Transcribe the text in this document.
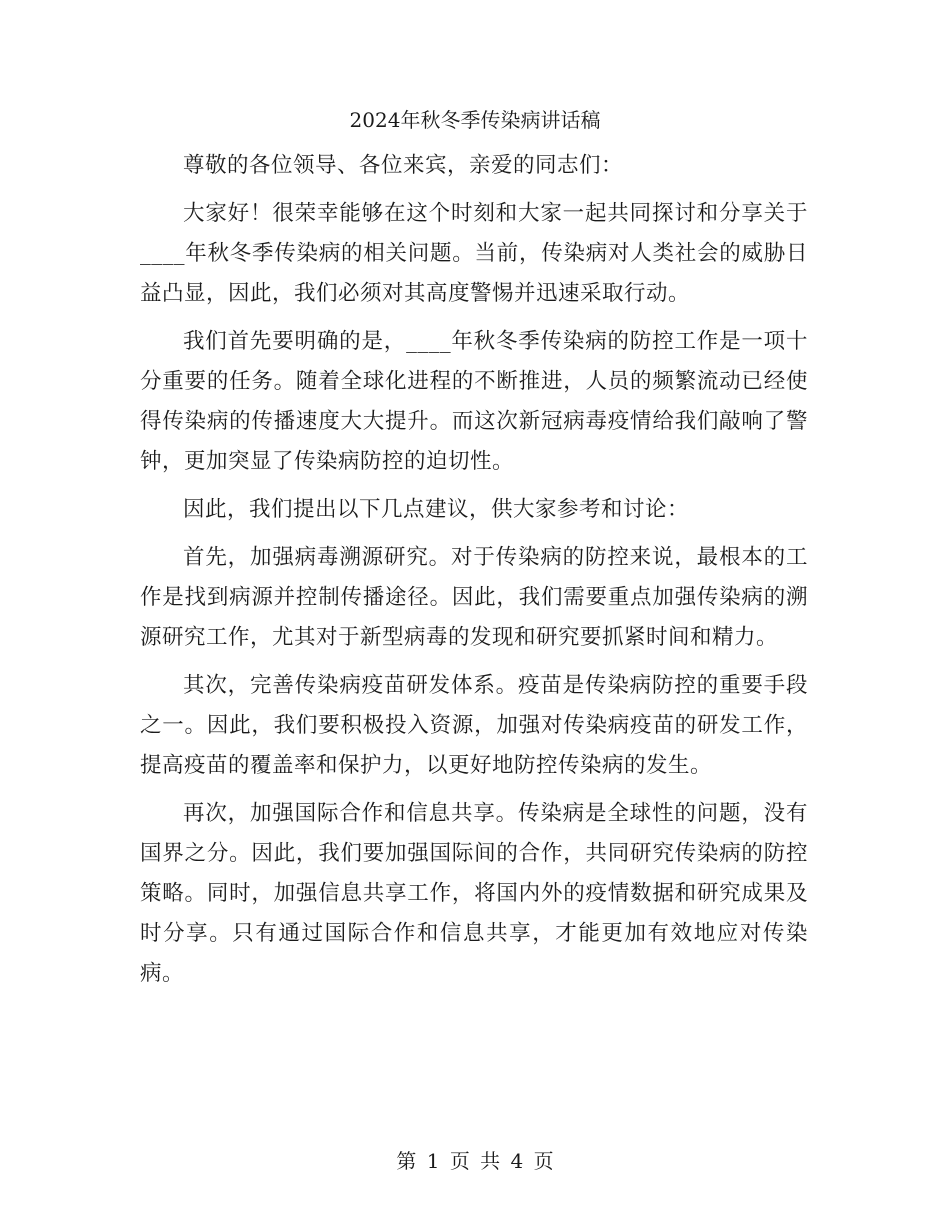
2024年秋冬季传染病讲话稿

尊敬的各位领导、各位来宾，亲爱的同志们：

大家好！很荣幸能够在这个时刻和大家一起共同探讨和分享关于____年秋冬季传染病的相关问题。当前，传染病对人类社会的威胁日益凸显，因此，我们必须对其高度警惕并迅速采取行动。

我们首先要明确的是，____年秋冬季传染病的防控工作是一项十分重要的任务。随着全球化进程的不断推进，人员的频繁流动已经使得传染病的传播速度大大提升。而这次新冠病毒疫情给我们敲响了警钟，更加突显了传染病防控的迫切性。

因此，我们提出以下几点建议，供大家参考和讨论：

首先，加强病毒溯源研究。对于传染病的防控来说，最根本的工作是找到病源并控制传播途径。因此，我们需要重点加强传染病的溯源研究工作，尤其对于新型病毒的发现和研究要抓紧时间和精力。

其次，完善传染病疫苗研发体系。疫苗是传染病防控的重要手段之一。因此，我们要积极投入资源，加强对传染病疫苗的研发工作，提高疫苗的覆盖率和保护力，以更好地防控传染病的发生。

再次，加强国际合作和信息共享。传染病是全球性的问题，没有国界之分。因此，我们要加强国际间的合作，共同研究传染病的防控策略。同时，加强信息共享工作，将国内外的疫情数据和研究成果及时分享。只有通过国际合作和信息共享，才能更加有效地应对传染病。

第 1 页 共 4 页
